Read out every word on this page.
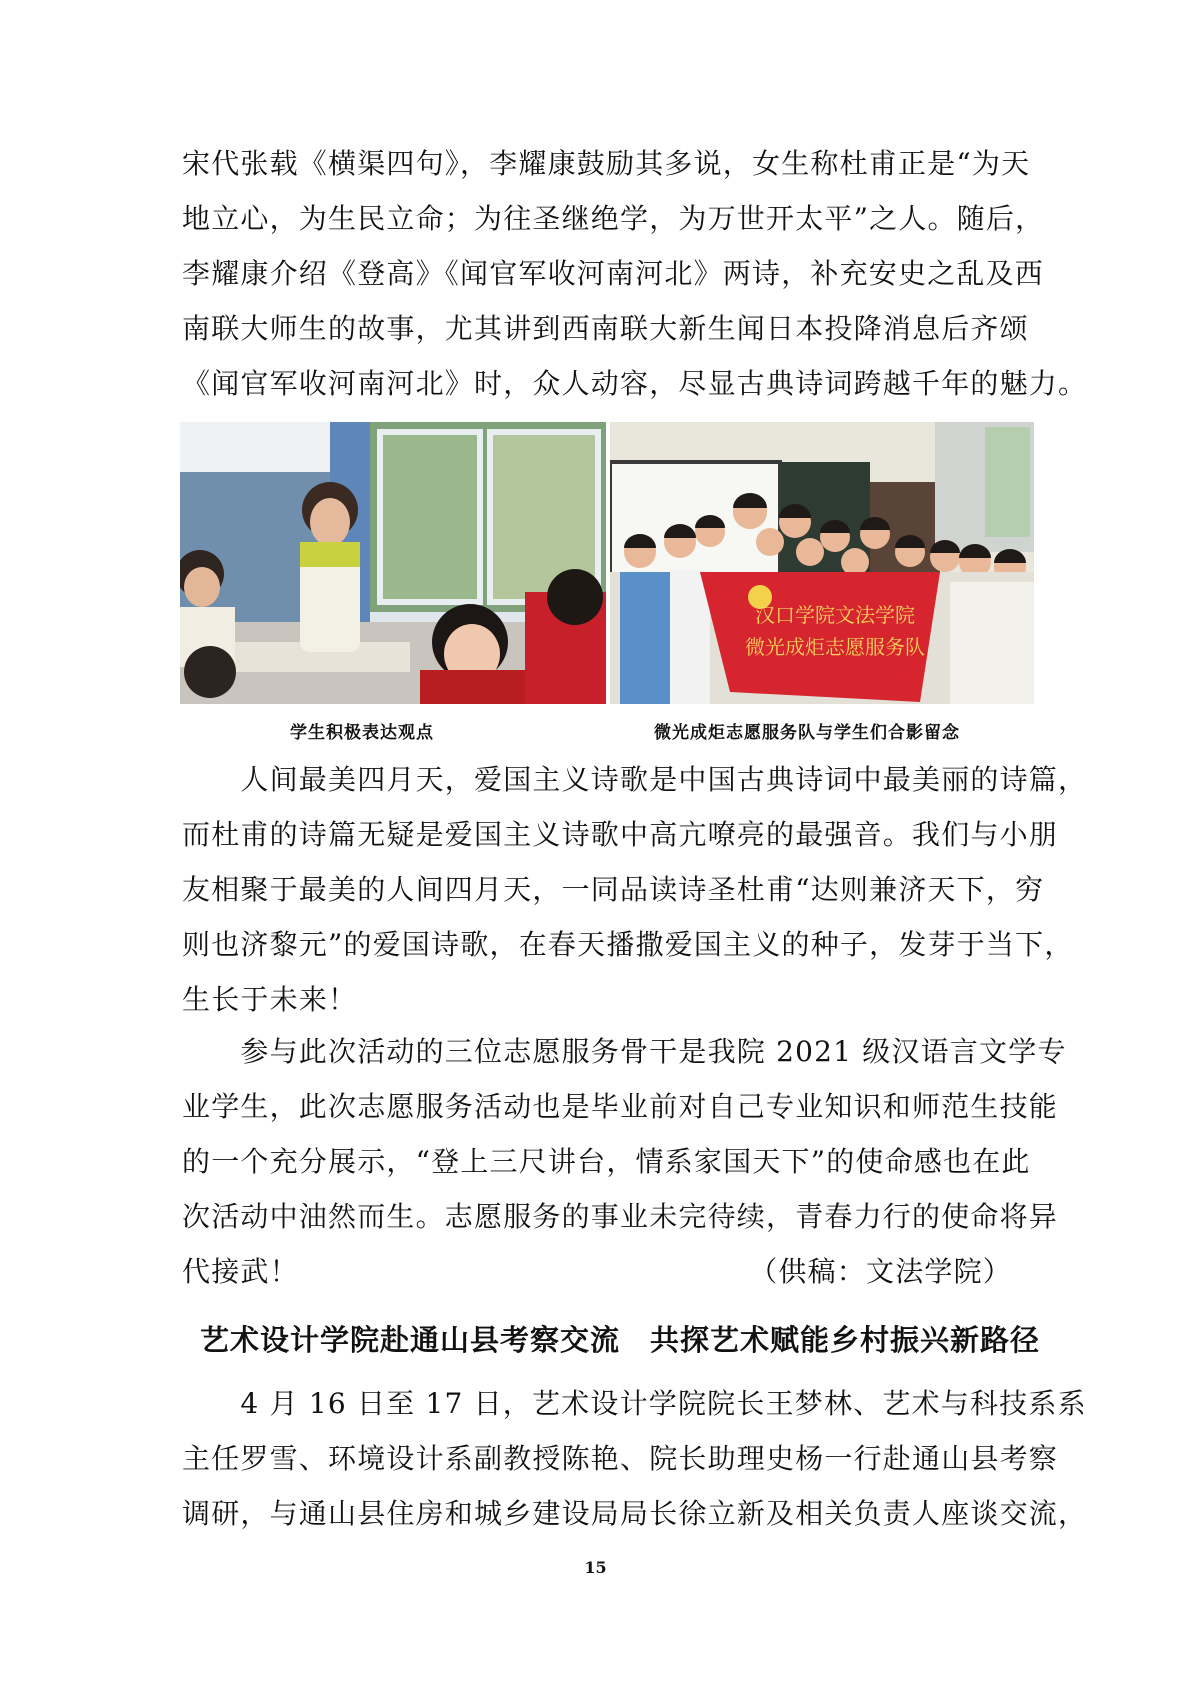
宋代张载《横渠四句》，李耀康鼓励其多说，女生称杜甫正是“为天
地立心，为生民立命；为往圣继绝学，为万世开太平”之人。随后，
李耀康介绍《登高》《闻官军收河南河北》两诗，补充安史之乱及西
南联大师生的故事，尤其讲到西南联大新生闻日本投降消息后齐颂
《闻官军收河南河北》时，众人动容，尽显古典诗词跨越千年的魅力。
汉口学院文法学院
微光成炬志愿服务队
学生积极表达观点	微光成炬志愿服务队与学生们合影留念
　　人间最美四月天，爱国主义诗歌是中国古典诗词中最美丽的诗篇，
而杜甫的诗篇无疑是爱国主义诗歌中高亢嘹亮的最强音。我们与小朋
友相聚于最美的人间四月天，一同品读诗圣杜甫“达则兼济天下，穷
则也济黎元”的爱国诗歌，在春天播撒爱国主义的种子，发芽于当下，
生长于未来！
　　参与此次活动的三位志愿服务骨干是我院 2021 级汉语言文学专
业学生，此次志愿服务活动也是毕业前对自己专业知识和师范生技能
的一个充分展示，“登上三尺讲台，情系家国天下”的使命感也在此
次活动中油然而生。志愿服务的事业未完待续，青春力行的使命将异
代接武！	（供稿：文法学院）
艺术设计学院赴通山县考察交流　共探艺术赋能乡村振兴新路径
　　4 月 16 日至 17 日，艺术设计学院院长王梦林、艺术与科技系系
主任罗雪、环境设计系副教授陈艳、院长助理史杨一行赴通山县考察
调研，与通山县住房和城乡建设局局长徐立新及相关负责人座谈交流，
15
